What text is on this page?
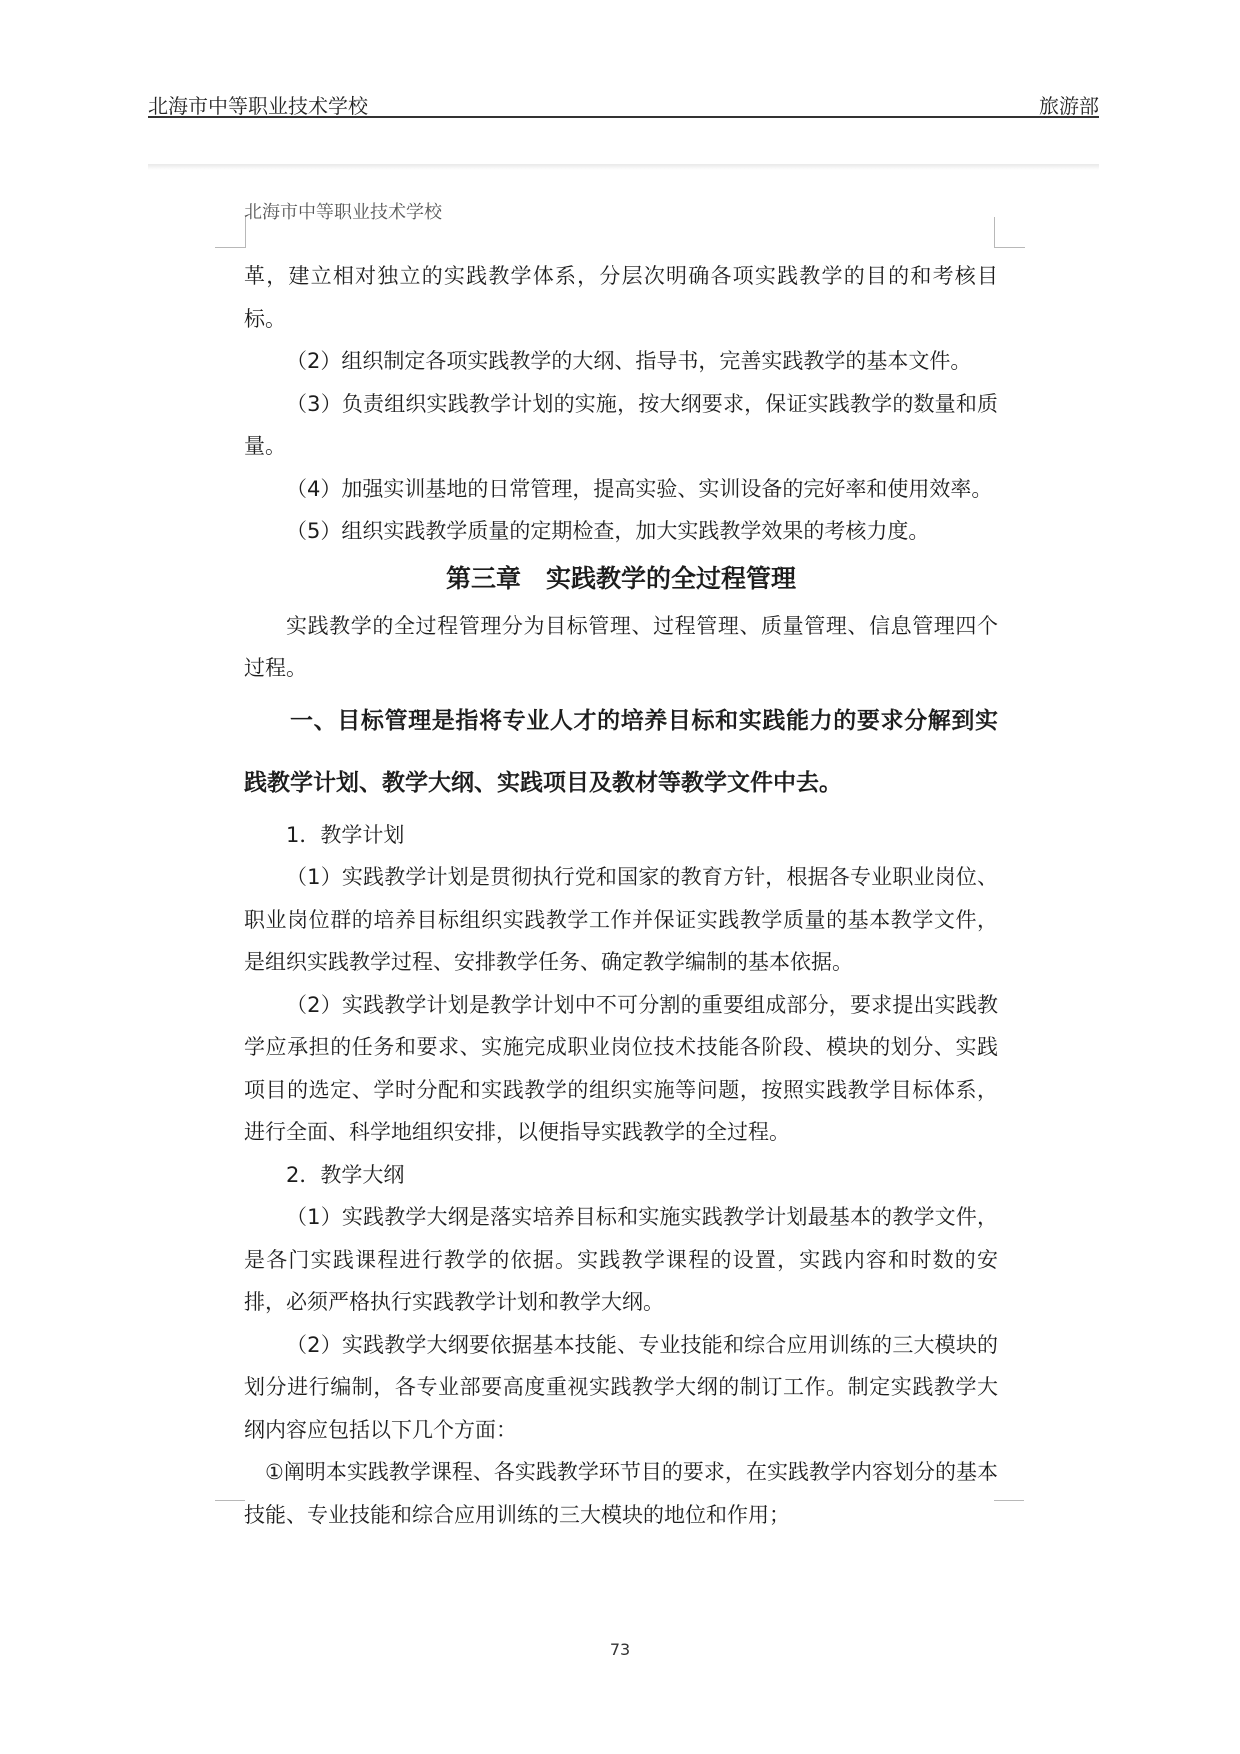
北海市中等职业技术学校	旅游部
北海市中等职业技术学校

革，建立相对独立的实践教学体系，分层次明确各项实践教学的目的和考核目标。

（2）组织制定各项实践教学的大纲、指导书，完善实践教学的基本文件。

（3）负责组织实践教学计划的实施，按大纲要求，保证实践教学的数量和质量。

（4）加强实训基地的日常管理，提高实验、实训设备的完好率和使用效率。

（5）组织实践教学质量的定期检查，加大实践教学效果的考核力度。

第三章　实践教学的全过程管理

实践教学的全过程管理分为目标管理、过程管理、质量管理、信息管理四个过程。

一、目标管理是指将专业人才的培养目标和实践能力的要求分解到实践教学计划、教学大纲、实践项目及教材等教学文件中去。

1．教学计划

（1）实践教学计划是贯彻执行党和国家的教育方针，根据各专业职业岗位、职业岗位群的培养目标组织实践教学工作并保证实践教学质量的基本教学文件，是组织实践教学过程、安排教学任务、确定教学编制的基本依据。

（2）实践教学计划是教学计划中不可分割的重要组成部分，要求提出实践教学应承担的任务和要求、实施完成职业岗位技术技能各阶段、模块的划分、实践项目的选定、学时分配和实践教学的组织实施等问题，按照实践教学目标体系，进行全面、科学地组织安排，以便指导实践教学的全过程。

2．教学大纲

（1）实践教学大纲是落实培养目标和实施实践教学计划最基本的教学文件，是各门实践课程进行教学的依据。实践教学课程的设置，实践内容和时数的安排，必须严格执行实践教学计划和教学大纲。

（2）实践教学大纲要依据基本技能、专业技能和综合应用训练的三大模块的划分进行编制，各专业部要高度重视实践教学大纲的制订工作。制定实践教学大纲内容应包括以下几个方面：

①阐明本实践教学课程、各实践教学环节目的要求，在实践教学内容划分的基本技能、专业技能和综合应用训练的三大模块的地位和作用；

73
